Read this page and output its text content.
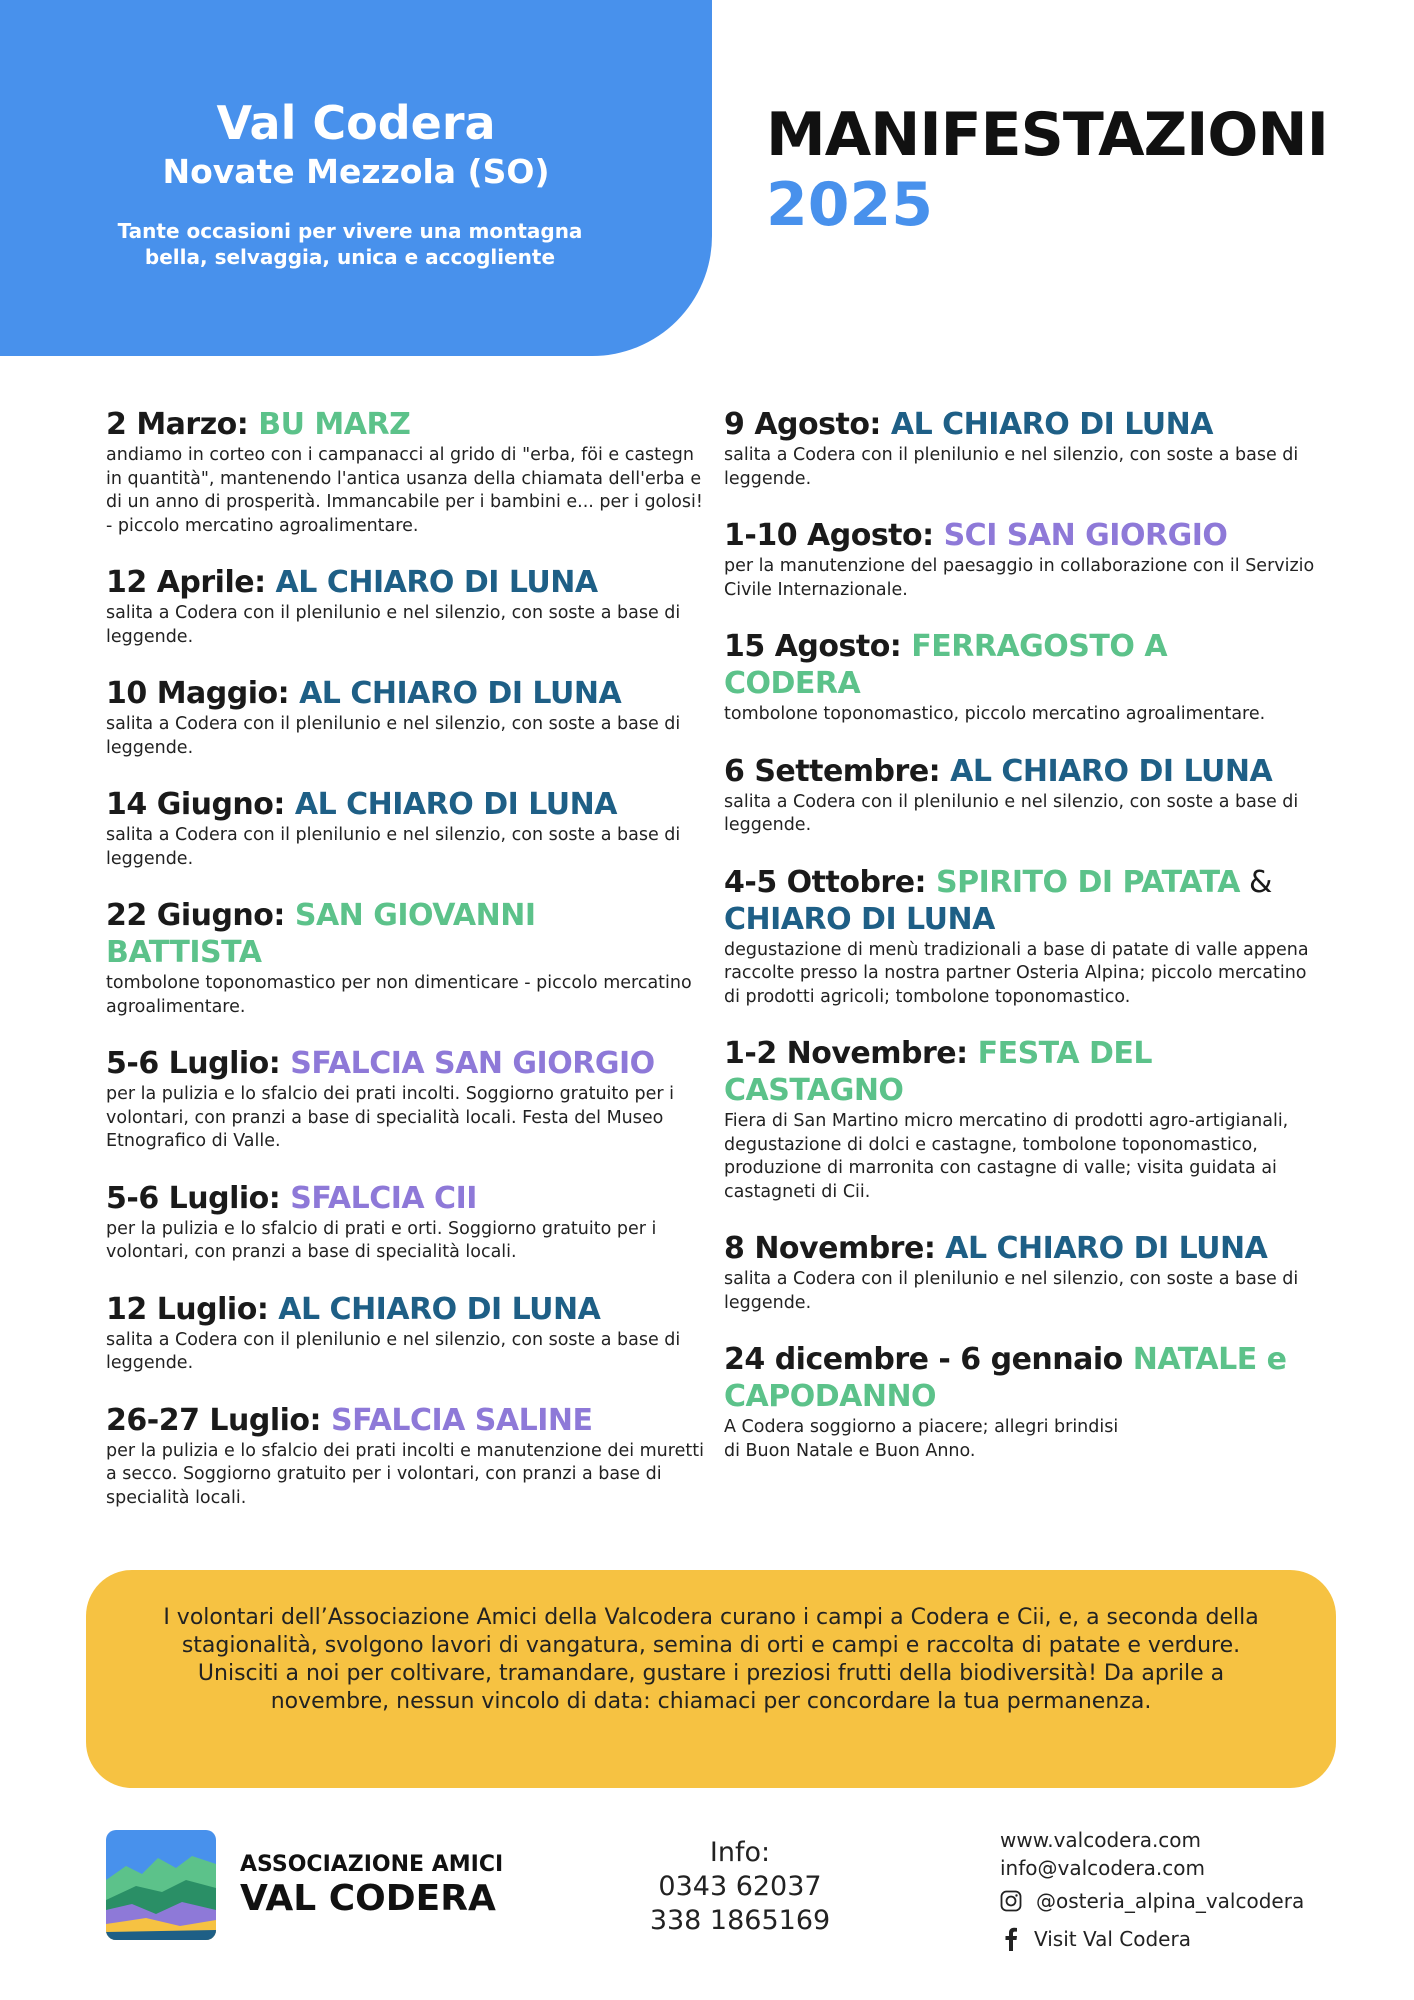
Val Codera
Novate Mezzola (SO)
Tante occasioni per vivere una montagna
bella, selvaggia, unica e accogliente
MANIFESTAZIONI
2025
2 Marzo: BU MARZ
andiamo in corteo con i campanacci al grido di "erba, föi e castegn in quantità", mantenendo l'antica usanza della chiamata dell'erba e di un anno di prosperità. Immancabile per i bambini e... per i golosi! - piccolo mercatino agroalimentare.
12 Aprile: AL CHIARO DI LUNA
salita a Codera con il plenilunio e nel silenzio, con soste a base di leggende.
10 Maggio: AL CHIARO DI LUNA
salita a Codera con il plenilunio e nel silenzio, con soste a base di leggende.
14 Giugno: AL CHIARO DI LUNA
salita a Codera con il plenilunio e nel silenzio, con soste a base di leggende.
22 Giugno: SAN GIOVANNI BATTISTA
tombolone toponomastico per non dimenticare - piccolo mercatino agroalimentare.
5-6 Luglio: SFALCIA SAN GIORGIO
per la pulizia e lo sfalcio dei prati incolti. Soggiorno gratuito per i volontari, con pranzi a base di specialità locali. Festa del Museo Etnografico di Valle.
5-6 Luglio: SFALCIA CII
per la pulizia e lo sfalcio di prati e orti. Soggiorno gratuito per i volontari, con pranzi a base di specialità locali.
12 Luglio: AL CHIARO DI LUNA
salita a Codera con il plenilunio e nel silenzio, con soste a base di leggende.
26-27 Luglio: SFALCIA SALINE
per la pulizia e lo sfalcio dei prati incolti e manutenzione dei muretti a secco. Soggiorno gratuito per i volontari, con pranzi a base di specialità locali.
9 Agosto: AL CHIARO DI LUNA
salita a Codera con il plenilunio e nel silenzio, con soste a base di leggende.
1-10 Agosto: SCI SAN GIORGIO
per la manutenzione del paesaggio in collaborazione con il Servizio Civile Internazionale.
15 Agosto: FERRAGOSTO A CODERA
tombolone toponomastico, piccolo mercatino agroalimentare.
6 Settembre: AL CHIARO DI LUNA
salita a Codera con il plenilunio e nel silenzio, con soste a base di leggende.
4-5 Ottobre: SPIRITO DI PATATA &
CHIARO DI LUNA
degustazione di menù tradizionali a base di patate di valle appena raccolte presso la nostra partner Osteria Alpina; piccolo mercatino di prodotti agricoli; tombolone toponomastico.
1-2 Novembre: FESTA DEL CASTAGNO
Fiera di San Martino micro mercatino di prodotti agro-artigianali, degustazione di dolci e castagne, tombolone toponomastico, produzione di marronita con castagne di valle; visita guidata ai castagneti di Cii.
8 Novembre: AL CHIARO DI LUNA
salita a Codera con il plenilunio e nel silenzio, con soste a base di leggende.
24 dicembre - 6 gennaio NATALE e CAPODANNO
A Codera soggiorno a piacere; allegri brindisi
di Buon Natale e Buon Anno.

I volontari dell’Associazione Amici della Valcodera curano i campi a Codera e Cii, e, a seconda della stagionalità, svolgono lavori di vangatura, semina di orti e campi e raccolta di patate e verdure.

Unisciti a noi per coltivare, tramandare, gustare i preziosi frutti della biodiversità! Da aprile a novembre, nessun vincolo di data: chiamaci per concordare la tua permanenza.

ASSOCIAZIONE AMICI
VAL CODERA
Info:
0343 62037
338 1865169
www.valcodera.com
info@valcodera.com
@osteria_alpina_valcodera
Visit Val Codera
